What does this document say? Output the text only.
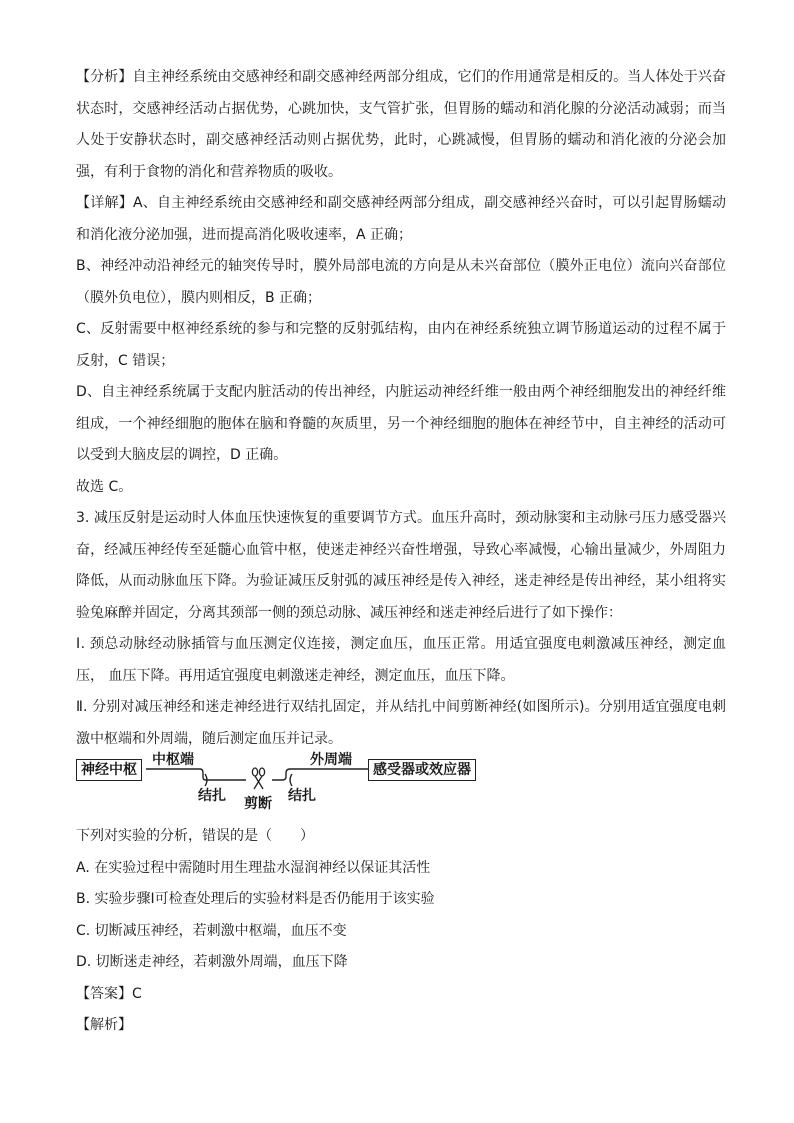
【分析】自主神经系统由交感神经和副交感神经两部分组成，它们的作用通常是相反的。当人体处于兴奋状态时，交感神经活动占据优势，心跳加快，支气管扩张，但胃肠的蠕动和消化腺的分泌活动减弱；而当人处于安静状态时，副交感神经活动则占据优势，此时，心跳减慢，但胃肠的蠕动和消化液的分泌会加强，有利于食物的消化和营养物质的吸收。

【详解】A、自主神经系统由交感神经和副交感神经两部分组成，副交感神经兴奋时，可以引起胃肠蠕动和消化液分泌加强，进而提高消化吸收速率，A 正确；

B、神经冲动沿神经元的轴突传导时，膜外局部电流的方向是从未兴奋部位（膜外正电位）流向兴奋部位（膜外负电位），膜内则相反，B 正确；

C、反射需要中枢神经系统的参与和完整的反射弧结构，由内在神经系统独立调节肠道运动的过程不属于反射，C 错误；

D、自主神经系统属于支配内脏活动的传出神经，内脏运动神经纤维一般由两个神经细胞发出的神经纤维组成，一个神经细胞的胞体在脑和脊髓的灰质里，另一个神经细胞的胞体在神经节中，自主神经的活动可以受到大脑皮层的调控，D 正确。

故选 C。

3. 减压反射是运动时人体血压快速恢复的重要调节方式。血压升高时，颈动脉窦和主动脉弓压力感受器兴奋，经减压神经传至延髓心血管中枢，使迷走神经兴奋性增强，导致心率减慢，心输出量减少，外周阻力降低，从而动脉血压下降。为验证减压反射弧的减压神经是传入神经，迷走神经是传出神经，某小组将实验兔麻醉并固定，分离其颈部一侧的颈总动脉、减压神经和迷走神经后进行了如下操作：

Ⅰ. 颈总动脉经动脉插管与血压测定仪连接，测定血压，血压正常。用适宜强度电刺激减压神经，测定血压， 血压下降。再用适宜强度电刺激迷走神经，测定血压，血压下降。

Ⅱ. 分别对减压神经和迷走神经进行双结扎固定，并从结扎中间剪断神经(如图所示)。分别用适宜强度电刺激中枢端和外周端，随后测定血压并记录。

神经中枢
中枢端
结扎 剪断 结扎
外周端
感受器或效应器

下列对实验的分析，错误的是（　　）

A. 在实验过程中需随时用生理盐水湿润神经以保证其活性

B. 实验步骤Ⅰ可检查处理后的实验材料是否仍能用于该实验

C. 切断减压神经，若刺激中枢端，血压不变

D. 切断迷走神经，若刺激外周端，血压下降

【答案】C

【解析】
